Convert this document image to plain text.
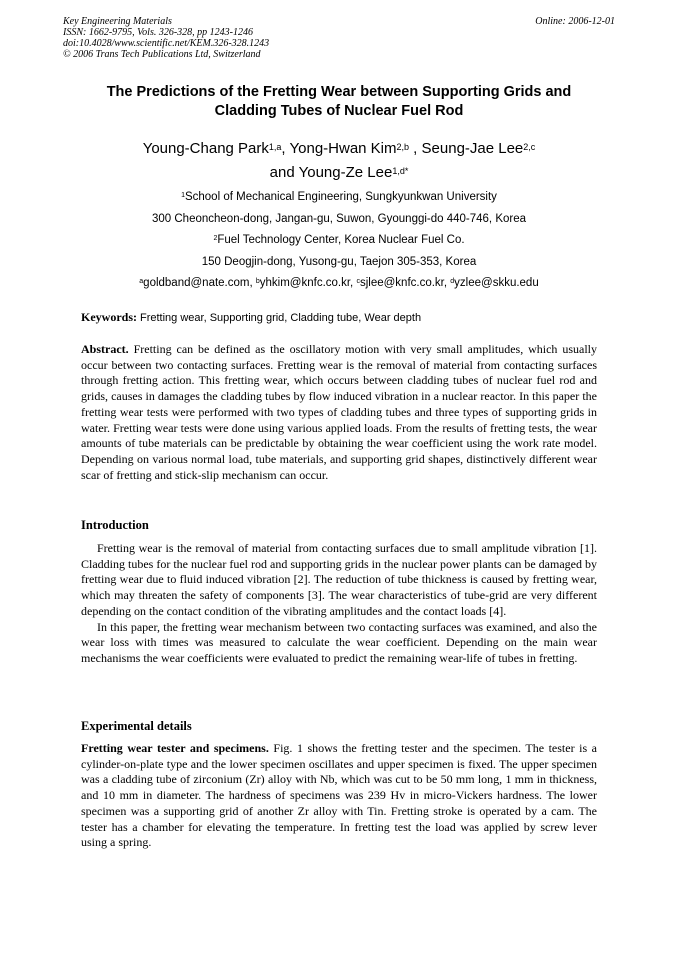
Key Engineering Materials
ISSN: 1662-9795, Vols. 326-328, pp 1243-1246
doi:10.4028/www.scientific.net/KEM.326-328.1243
© 2006 Trans Tech Publications Ltd, Switzerland
Online: 2006-12-01
The Predictions of the Fretting Wear between Supporting Grids and
Cladding Tubes of Nuclear Fuel Rod
Young-Chang Park$^{1,a}$, Yong-Hwan Kim$^{2,b}$ , Seung-Jae Lee$^{2,c}$
and Young-Ze Lee$^{1,d*}$
$^1$School of Mechanical Engineering, Sungkyunkwan University
300 Cheoncheon-dong, Jangan-gu, Suwon, Gyounggi-do 440-746, Korea
$^2$Fuel Technology Center, Korea Nuclear Fuel Co.
150 Deogjin-dong, Yusong-gu, Taejon 305-353, Korea
$^a$goldband@nate.com, $^b$yhkim@knfc.co.kr, $^c$sjlee@knfc.co.kr, $^d$yzlee@skku.edu
Keywords: Fretting wear, Supporting grid, Cladding tube, Wear depth
Abstract. Fretting can be defined as the oscillatory motion with very small amplitudes, which usually occur between two contacting surfaces. Fretting wear is the removal of material from contacting surfaces through fretting action. This fretting wear, which occurs between cladding tubes of nuclear fuel rod and grids, causes in damages the cladding tubes by flow induced vibration in a nuclear reactor. In this paper the fretting wear tests were performed with two types of cladding tubes and three types of supporting grids in water. Fretting wear tests were done using various applied loads. From the results of fretting tests, the wear amounts of tube materials can be predictable by obtaining the wear coefficient using the work rate model. Depending on various normal load, tube materials, and supporting grid shapes, distinctively different wear scar of fretting and stick-slip mechanism can occur.
Introduction

Fretting wear is the removal of material from contacting surfaces due to small amplitude vibration [1]. Cladding tubes for the nuclear fuel rod and supporting grids in the nuclear power plants can be damaged by fretting wear due to fluid induced vibration [2]. The reduction of tube thickness is caused by fretting wear, which may threaten the safety of components [3]. The wear characteristics of tube-grid are very different depending on the contact condition of the vibrating amplitudes and the contact loads [4].

In this paper, the fretting wear mechanism between two contacting surfaces was examined, and also the wear loss with times was measured to calculate the wear coefficient. Depending on the main wear mechanisms the wear coefficients were evaluated to predict the remaining wear-life of tubes in fretting.

Experimental details
Fretting wear tester and specimens. Fig. 1 shows the fretting tester and the specimen. The tester is a cylinder-on-plate type and the lower specimen oscillates and upper specimen is fixed. The upper specimen was a cladding tube of zirconium (Zr) alloy with Nb, which was cut to be 50 mm long, 1 mm in thickness, and 10 mm in diameter. The hardness of specimens was 239 Hv in micro-Vickers hardness. The lower specimen was a supporting grid of another Zr alloy with Tin. Fretting stroke is operated by a cam. The tester has a chamber for elevating the temperature. In fretting test the load was applied by screw lever using a spring.
